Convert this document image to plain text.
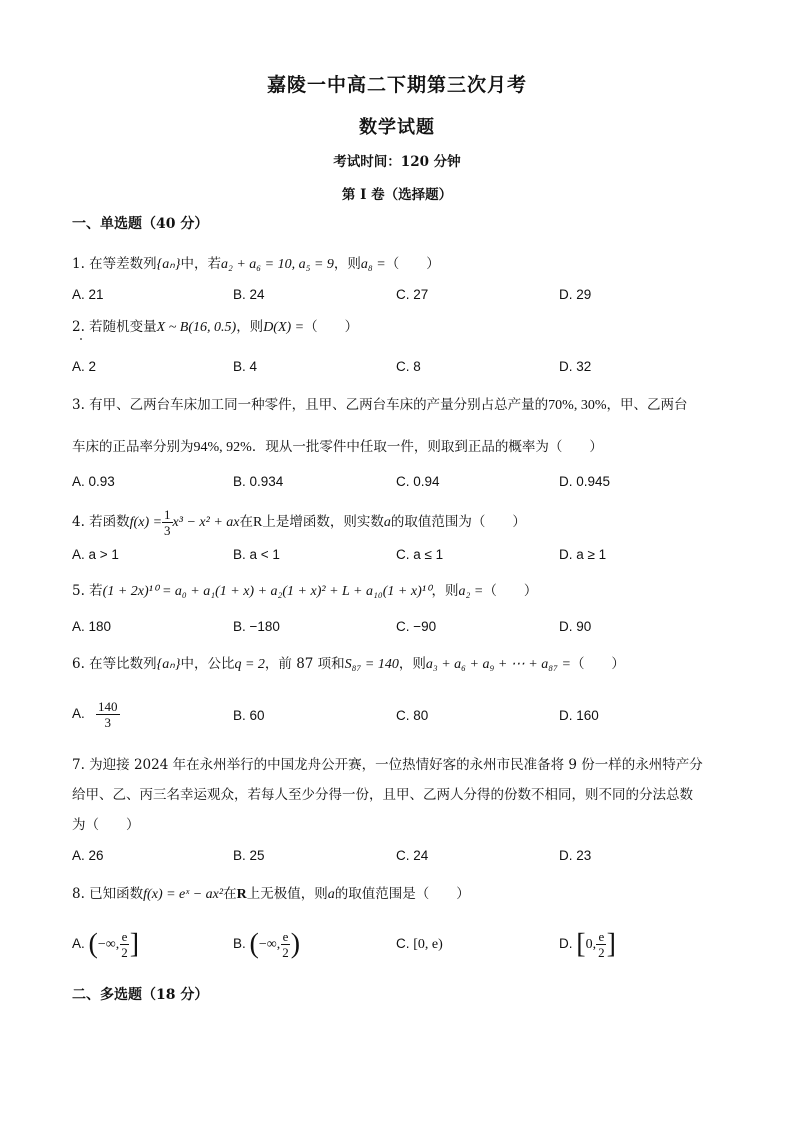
嘉陵一中高二下期第三次月考
数学试题
考试时间：120 分钟
第 I 卷（选择题）
一、单选题（40 分）
1. 在等差数列{aₙ}中，若a₂ + a₆ = 10, a₅ = 9，则a₈ =（　　）
A. 21	B. 24	C. 27	D. 29
2. 若随机变量X ~ B(16, 0.5)，则D(X) =（　　）
A. 2	B. 4	C. 8	D. 32
3. 有甲、乙两台车床加工同一种零件，且甲、乙两台车床的产量分别占总产量的70%, 30%，甲、乙两台
车床的正品率分别为94%, 92%．现从一批零件中任取一件，则取到正品的概率为（　　）
A. 0.93	B. 0.934	C. 0.94	D. 0.945
4. 若函数$f(x) = \frac{1}{3} x^3 - x^2$ + ax在R上是增函数，则实数a的取值范围为（　　）
A. a > 1	B. a < 1	C. a ≤ 1	D. a ≥ 1
5. 若(1 + 2x)¹⁰ = a₀ + a₁(1 + x) + a₂(1 + x)² + L + a₁₀(1 + x)¹⁰，则a₂ =（　　）
A. 180	B. −180	C. −90	D. 90
6. 在等比数列{aₙ}中，公比q = 2，前 87 项和S₈₇ = 140，则a₃ + a₆ + a₉ + ⋯ + a₈₇ =（　　）
A. $\frac{140}{3}$	B. 60	C. 80	D. 160
7. 为迎接 2024 年在永州举行的中国龙舟公开赛，一位热情好客的永州市民准备将 9 份一样的永州特产分
给甲、乙、丙三名幸运观众，若每人至少分得一份，且甲、乙两人分得的份数不相同，则不同的分法总数
为（　　）
A. 26	B. 25	C. 24	D. 23
8. 已知函数f(x) = eˣ − ax²在R上无极值，则a的取值范围是（　　）
A. (−∞, $\frac{e}{2}$ ]	B. (−∞, $\frac{e}{2}$ )	C. [0, e)	D. [0, $\frac{e}{2}$ ]
二、多选题（18 分）
